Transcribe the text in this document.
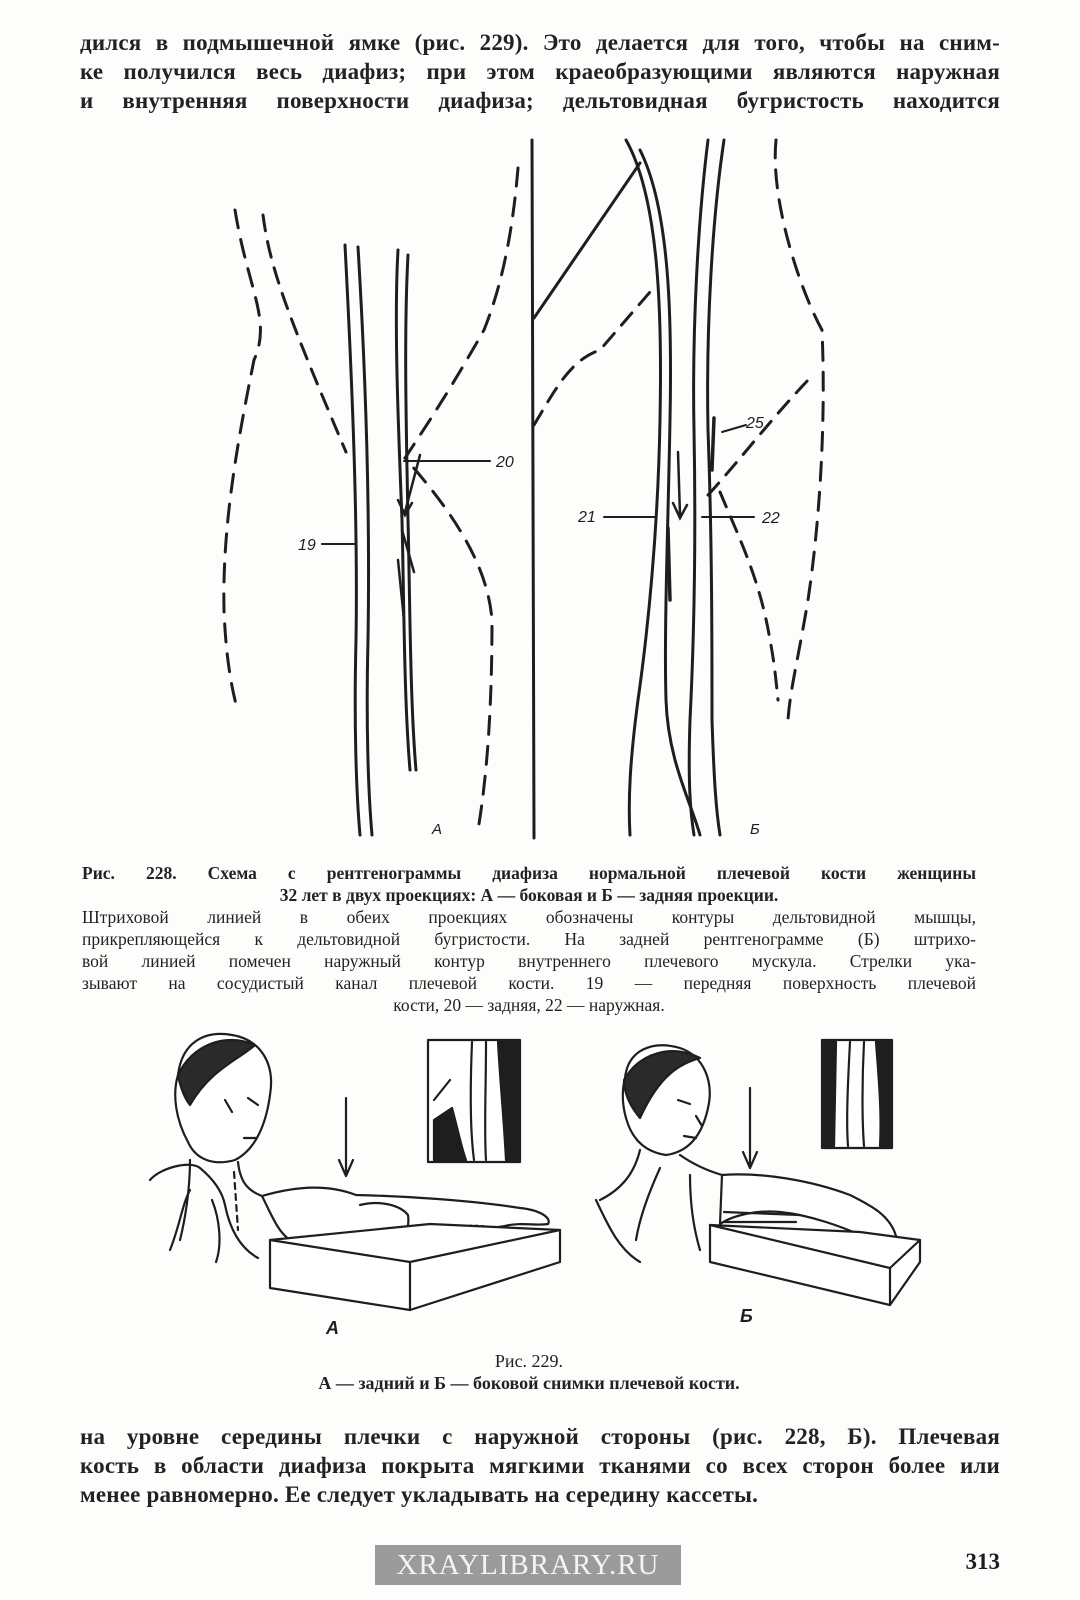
дился в подмышечной ямке (рис. 229). Это делается для того, чтобы на сним-
ке получился весь диафиз; при этом краеобразующими являются наружная
и внутренняя поверхности диафиза; дельтовидная бугристость находится
19
20
21	22
25
А	Б
Рис. 228. Схема с рентгенограммы диафиза нормальной плечевой кости женщины
32 лет в двух проекциях: А — боковая и Б — задняя проекции.
Штриховой линией в обеих проекциях обозначены контуры дельтовидной мышцы,
прикрепляющейся к дельтовидной бугристости. На задней рентгенограмме (Б) штрихо-
вой линией помечен наружный контур внутреннего плечевого мускула. Стрелки ука-
зывают на сосудистый канал плечевой кости. 19 — передняя поверхность плечевой
кости, 20 — задняя, 22 — наружная.
А
Б
Рис. 229.
А — задний и Б — боковой снимки плечевой кости.
на уровне середины плечки с наружной стороны (рис. 228, Б). Плечевая
кость в области диафиза покрыта мягкими тканями со всех сторон более или
менее равномерно. Ее следует укладывать на середину кассеты.
XRAYLIBRARY.RU	313
